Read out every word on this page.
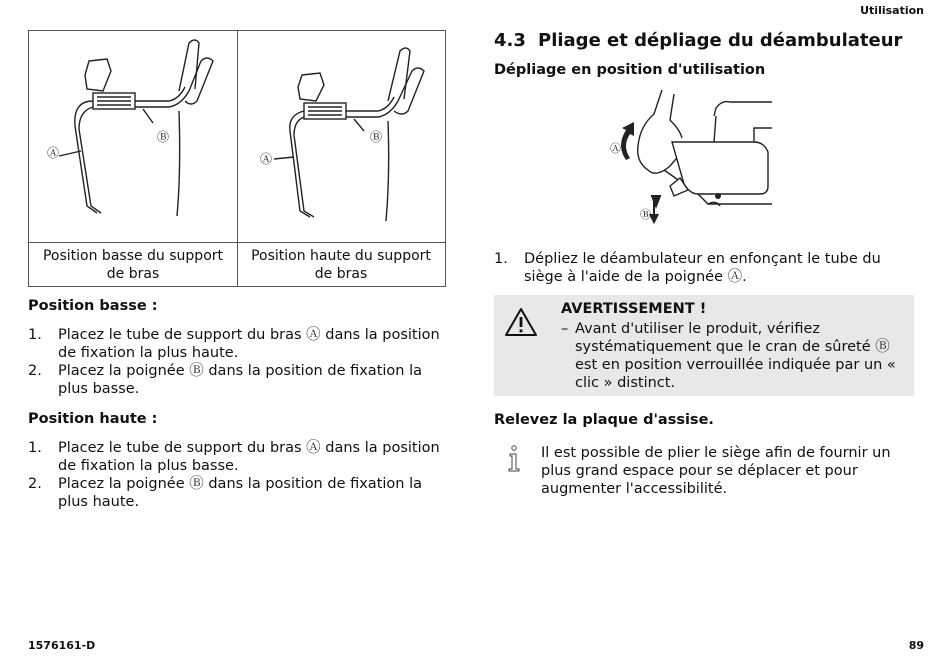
Utilisation
1576161-D	89
Ⓐ
Ⓑ
Ⓐ
Ⓑ
Position basse du support de bras
Position haute du support de bras
Position basse :
1. Placez le tube de support du bras Ⓐ dans la position de fixation la plus haute.
2. Placez la poignée Ⓑ dans la position de fixation la plus basse.
Position haute :
1. Placez le tube de support du bras Ⓐ dans la position de fixation la plus basse.
2. Placez la poignée Ⓑ dans la position de fixation la plus haute.
4.3 Pliage et dépliage du déambulateur
Dépliage en position d'utilisation
Ⓐ
Ⓑ
1. Dépliez le déambulateur en enfonçant le tube du siège à l'aide de la poignée Ⓐ.
AVERTISSEMENT !
– Avant d'utiliser le produit, vérifiez systématiquement que le cran de sûreté Ⓑ est en position verrouillée indiquée par un « clic » distinct.
Relevez la plaque d'assise.
Il est possible de plier le siège afin de fournir un plus grand espace pour se déplacer et pour augmenter l'accessibilité.
